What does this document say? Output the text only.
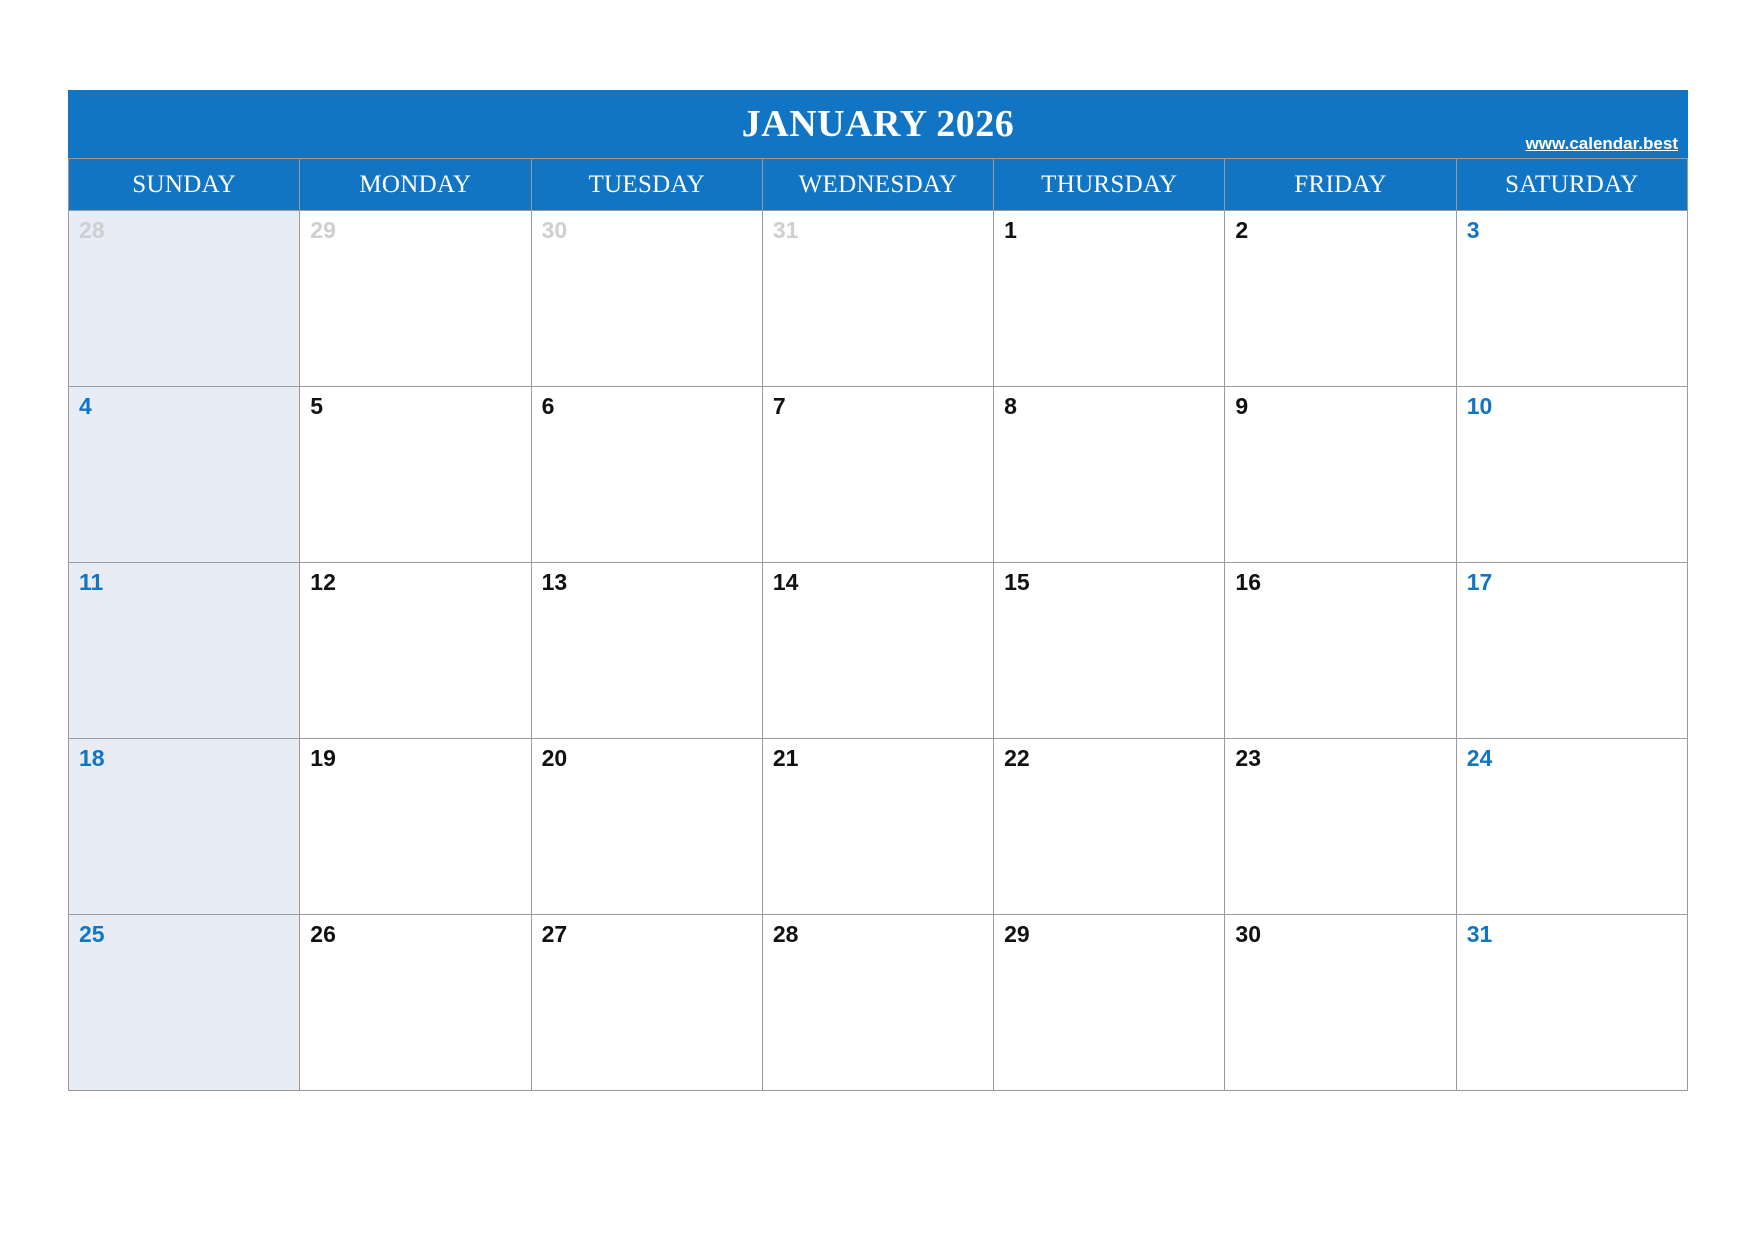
JANUARY 2026	www.calendar.best
SUNDAY	MONDAY	TUESDAY	WEDNESDAY	THURSDAY	FRIDAY	SATURDAY
28	29	30	31	1	2	3
4	5	6	7	8	9	10
11	12	13	14	15	16	17
18	19	20	21	22	23	24
25	26	27	28	29	30	31
